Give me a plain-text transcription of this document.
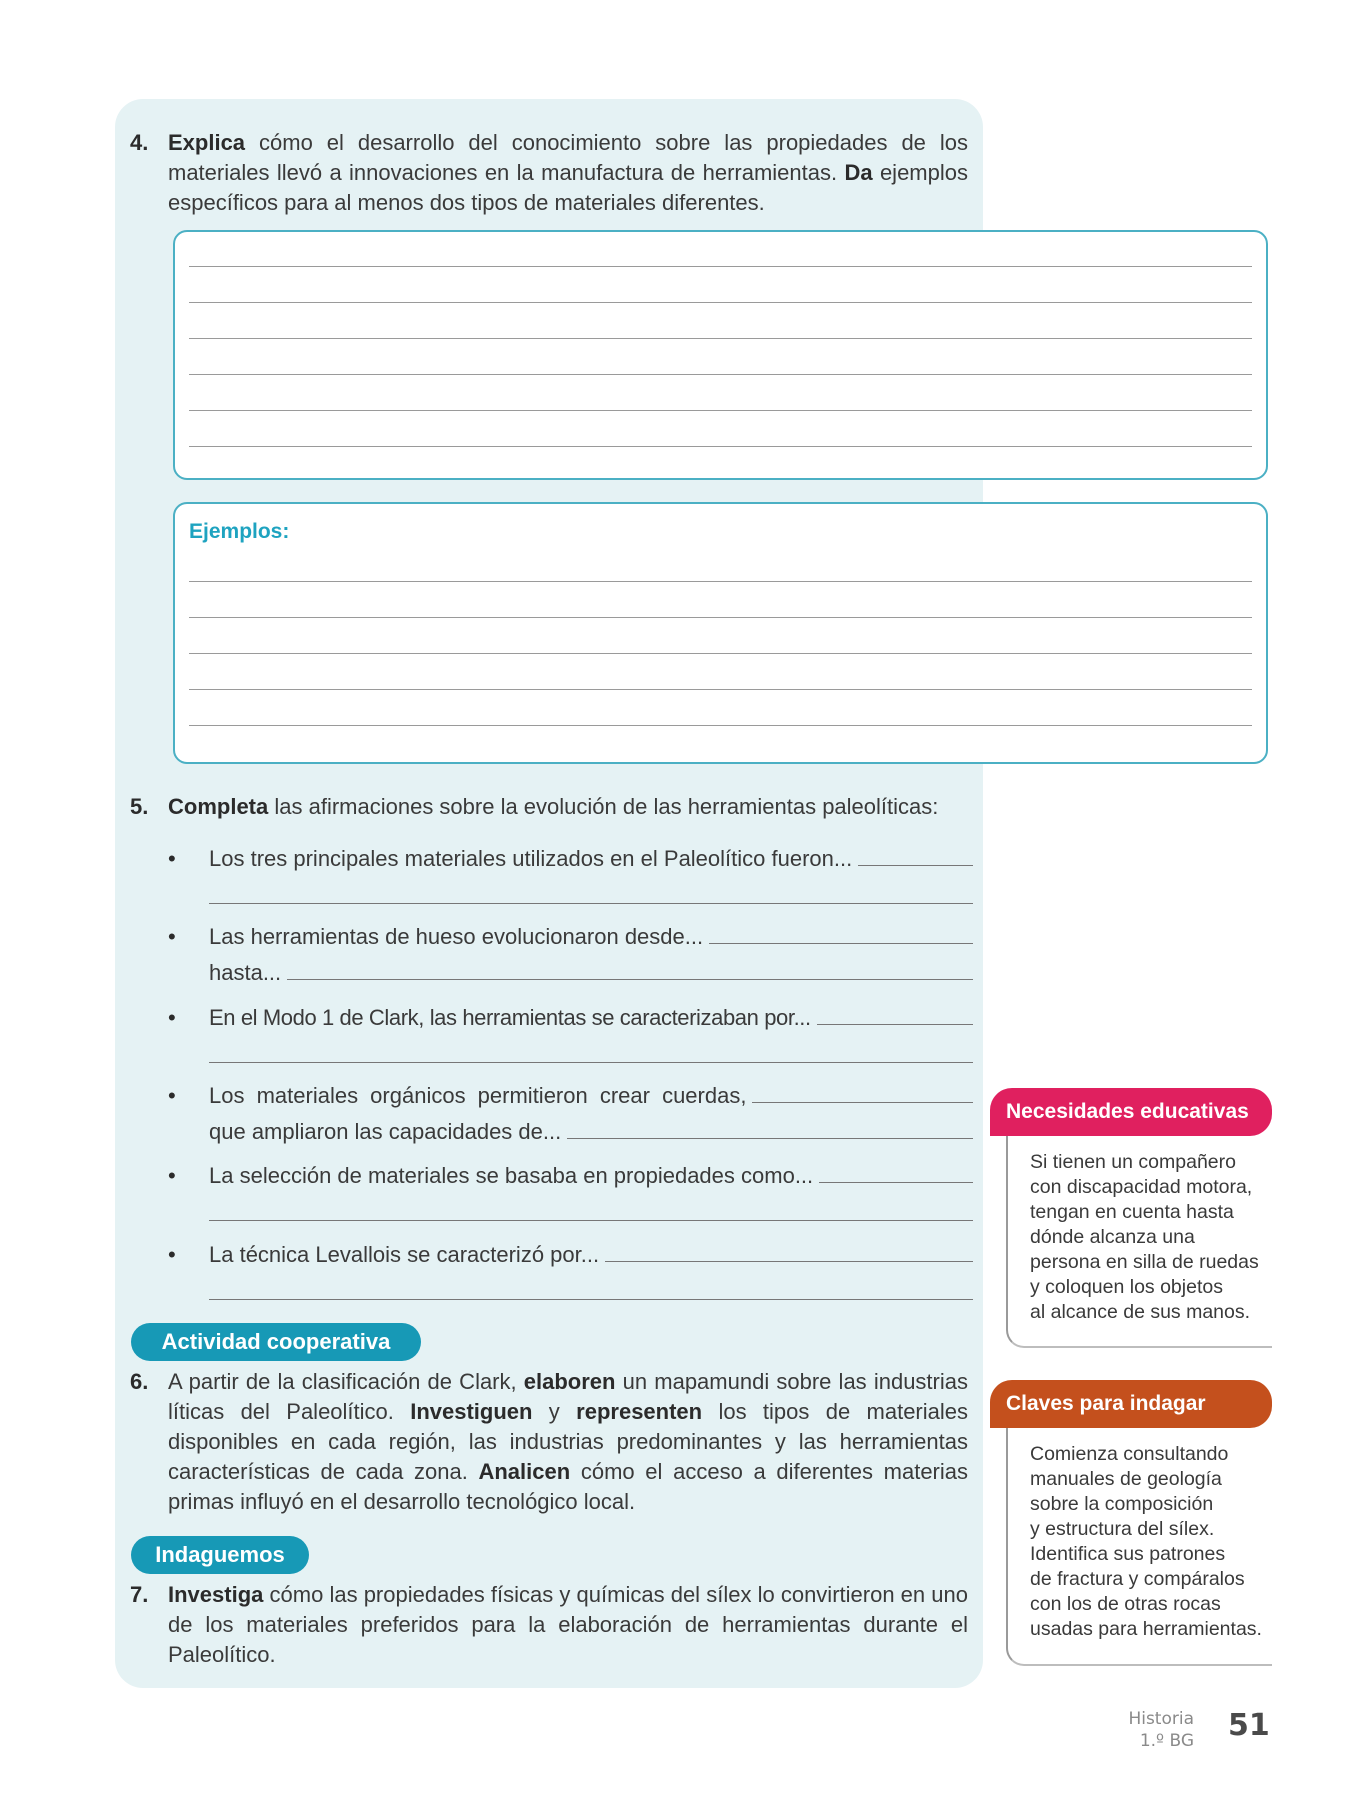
4. Explica cómo el desarrollo del conocimiento sobre las propiedades de los materiales llevó a innovaciones en la manufactura de herramientas. Da ejemplos específicos para al menos dos tipos de materiales diferentes.
Ejemplos:
5. Completa las afirmaciones sobre la evolución de las herramientas paleolíticas:
• Los tres principales materiales utilizados en el Paleolítico fueron...
• Las herramientas de hueso evolucionaron desde...
hasta...
• En el Modo 1 de Clark, las herramientas se caracterizaban por...
• Los materiales orgánicos permitieron crear cuerdas,
que ampliaron las capacidades de...
• La selección de materiales se basaba en propiedades como...
• La técnica Levallois se caracterizó por...
Actividad cooperativa
6. A partir de la clasificación de Clark, elaboren un mapamundi sobre las industrias líticas del Paleolítico. Investiguen y representen los tipos de materiales disponibles en cada región, las industrias predominantes y las herramientas características de cada zona. Analicen cómo el acceso a diferentes materias primas influyó en el desarrollo tecnológico local.
Indaguemos
7. Investiga cómo las propiedades físicas y químicas del sílex lo convirtieron en uno de los materiales preferidos para la elaboración de herramientas durante el Paleolítico.
Necesidades educativas
Si tienen un compañero
con discapacidad motora,
tengan en cuenta hasta
dónde alcanza una
persona en silla de ruedas
y coloquen los objetos
al alcance de sus manos.
Claves para indagar
Comienza consultando
manuales de geología
sobre la composición
y estructura del sílex.
Identifica sus patrones
de fractura y compáralos
con los de otras rocas
usadas para herramientas.
Historia
1.º BG 51
